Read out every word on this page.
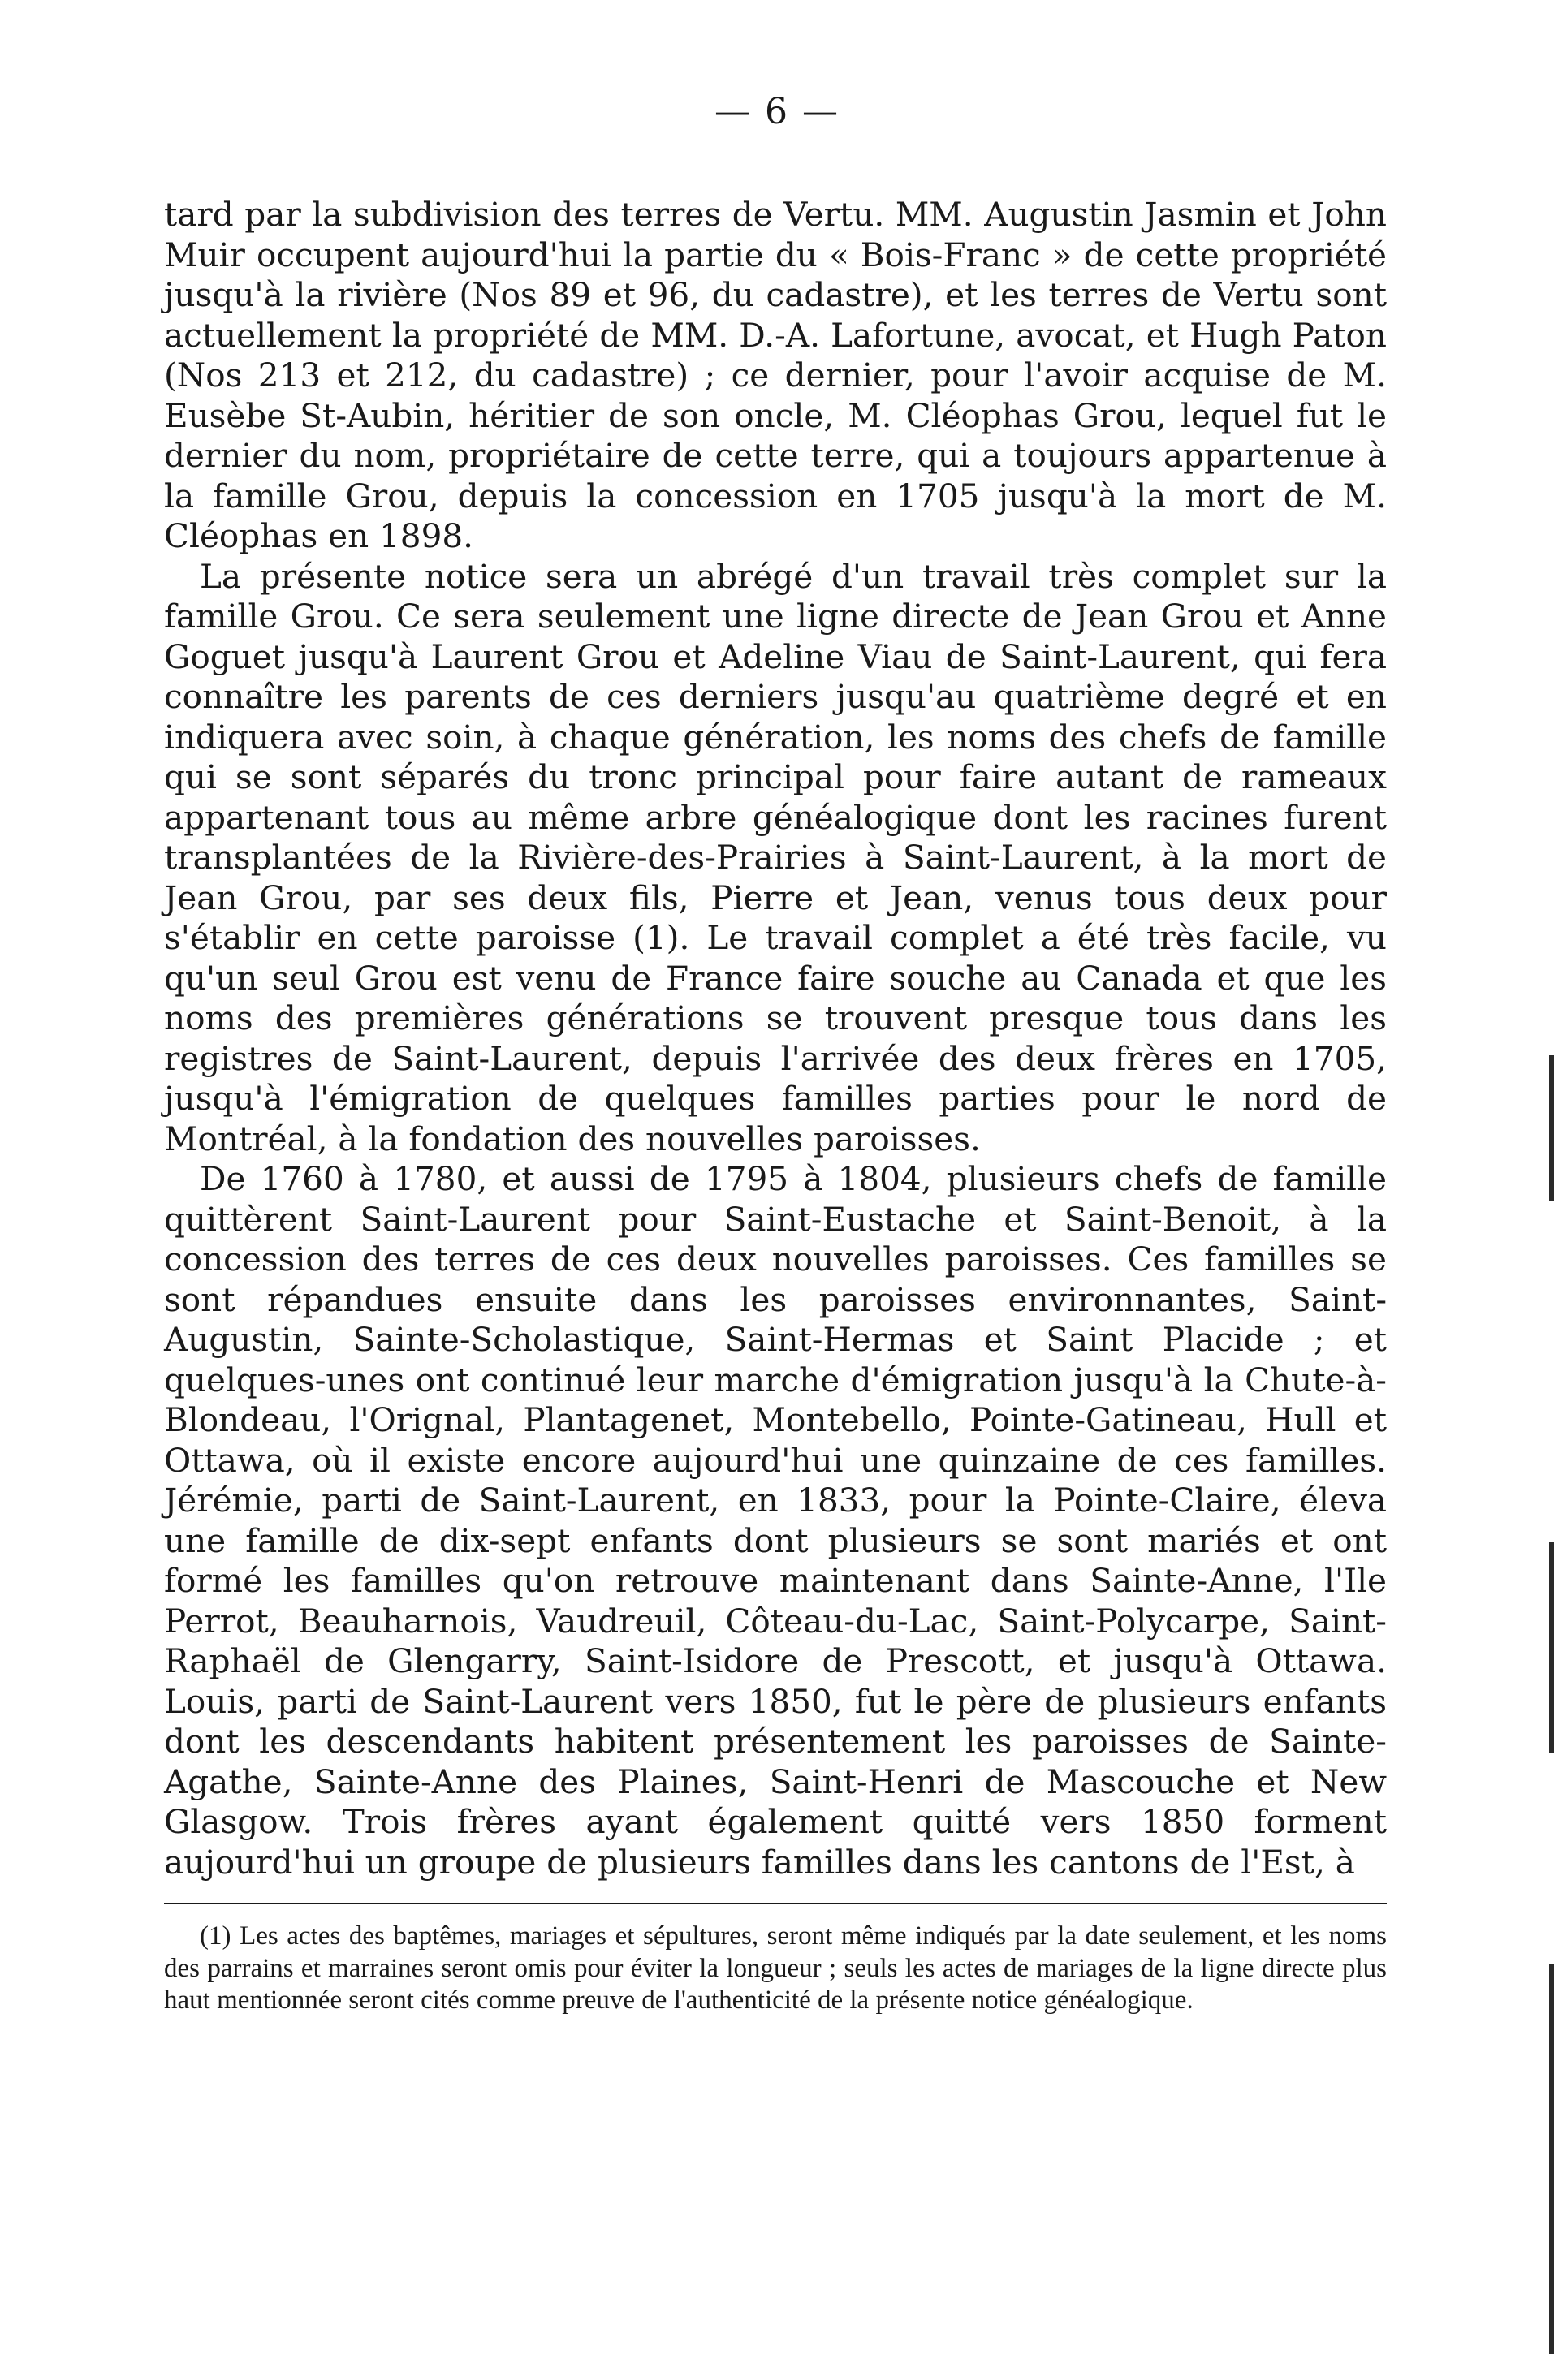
— 6 —

tard par la subdivision des terres de Vertu. MM. Augustin Jasmin et John Muir occupent aujourd'hui la partie du « Bois-Franc » de cette propriété jusqu'à la rivière (Nos 89 et 96, du cadastre), et les terres de Vertu sont actuellement la propriété de MM. D.-A. Lafortune, avocat, et Hugh Paton (Nos 213 et 212, du cadastre) ; ce dernier, pour l'avoir acquise de M. Eusèbe St-Aubin, héritier de son oncle, M. Cléophas Grou, lequel fut le dernier du nom, propriétaire de cette terre, qui a toujours appartenue à la famille Grou, depuis la concession en 1705 jusqu'à la mort de M. Cléophas en 1898.

La présente notice sera un abrégé d'un travail très complet sur la famille Grou. Ce sera seulement une ligne directe de Jean Grou et Anne Goguet jusqu'à Laurent Grou et Adeline Viau de Saint-Laurent, qui fera connaître les parents de ces derniers jusqu'au quatrième degré et en indiquera avec soin, à chaque génération, les noms des chefs de famille qui se sont séparés du tronc principal pour faire autant de rameaux appartenant tous au même arbre généalogique dont les racines furent transplantées de la Rivière-des-Prairies à Saint-Laurent, à la mort de Jean Grou, par ses deux fils, Pierre et Jean, venus tous deux pour s'établir en cette paroisse (1). Le travail complet a été très facile, vu qu'un seul Grou est venu de France faire souche au Canada et que les noms des premières générations se trouvent presque tous dans les registres de Saint-Laurent, depuis l'arrivée des deux frères en 1705, jusqu'à l'émigration de quelques familles parties pour le nord de Montréal, à la fondation des nouvelles paroisses.

De 1760 à 1780, et aussi de 1795 à 1804, plusieurs chefs de famille quittèrent Saint-Laurent pour Saint-Eustache et Saint-Benoit, à la concession des terres de ces deux nouvelles paroisses. Ces familles se sont répandues ensuite dans les paroisses environnantes, Saint-Augustin, Sainte-Scholastique, Saint-Hermas et Saint Placide ; et quelques-unes ont continué leur marche d'émigration jusqu'à la Chute-à-Blondeau, l'Orignal, Plantagenet, Montebello, Pointe-Gatineau, Hull et Ottawa, où il existe encore aujourd'hui une quinzaine de ces familles. Jérémie, parti de Saint-Laurent, en 1833, pour la Pointe-Claire, éleva une famille de dix-sept enfants dont plusieurs se sont mariés et ont formé les familles qu'on retrouve maintenant dans Sainte-Anne, l'Ile Perrot, Beauharnois, Vaudreuil, Côteau-du-Lac, Saint-Polycarpe, Saint-Raphaël de Glengarry, Saint-Isidore de Prescott, et jusqu'à Ottawa. Louis, parti de Saint-Laurent vers 1850, fut le père de plusieurs enfants dont les descendants habitent présentement les paroisses de Sainte-Agathe, Sainte-Anne des Plaines, Saint-Henri de Mascouche et New Glasgow. Trois frères ayant également quitté vers 1850 forment aujourd'hui un groupe de plusieurs familles dans les cantons de l'Est, à

(1) Les actes des baptêmes, mariages et sépultures, seront même indiqués par la date seulement, et les noms des parrains et marraines seront omis pour éviter la longueur ; seuls les actes de mariages de la ligne directe plus haut mentionnée seront cités comme preuve de l'authenticité de la présente notice généalogique.
